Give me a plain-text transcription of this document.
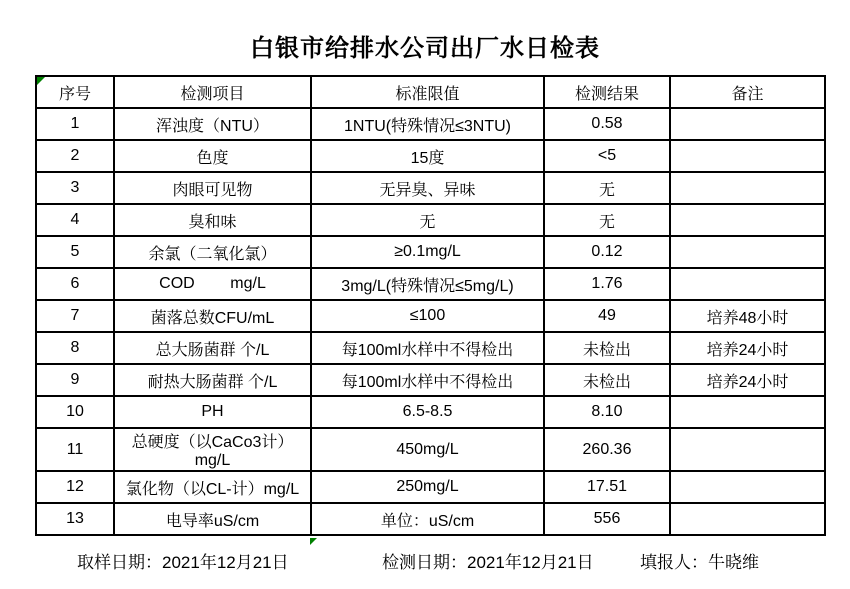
白银市给排水公司出厂水日检表
序号	检测项目	标准限值	检测结果	备注
1	浑浊度（NTU）	1NTU(特殊情况≤3NTU)	0.58	
2	色度	15度	<5	
3	肉眼可见物	无异臭、异味	无	
4	臭和味	无	无	
5	余氯（二氧化氯）	≥0.1mg/L	0.12	
6	COD        mg/L	3mg/L(特殊情况≤5mg/L)	1.76	
7	菌落总数CFU/mL	≤100	49	培养48小时
8	总大肠菌群 个/L	每100ml水样中不得检出	未检出	培养24小时
9	耐热大肠菌群 个/L	每100ml水样中不得检出	未检出	培养24小时
10	PH	6.5-8.5	8.10	
11	总硬度（以CaCo3计）mg/L	450mg/L	260.36	
12	氯化物（以CL-计）mg/L	250mg/L	17.51	
13	电导率uS/cm	单位：uS/cm	556	
取样日期：2021年12月21日	检测日期：2021年12月21日	填报人：牛晓维
